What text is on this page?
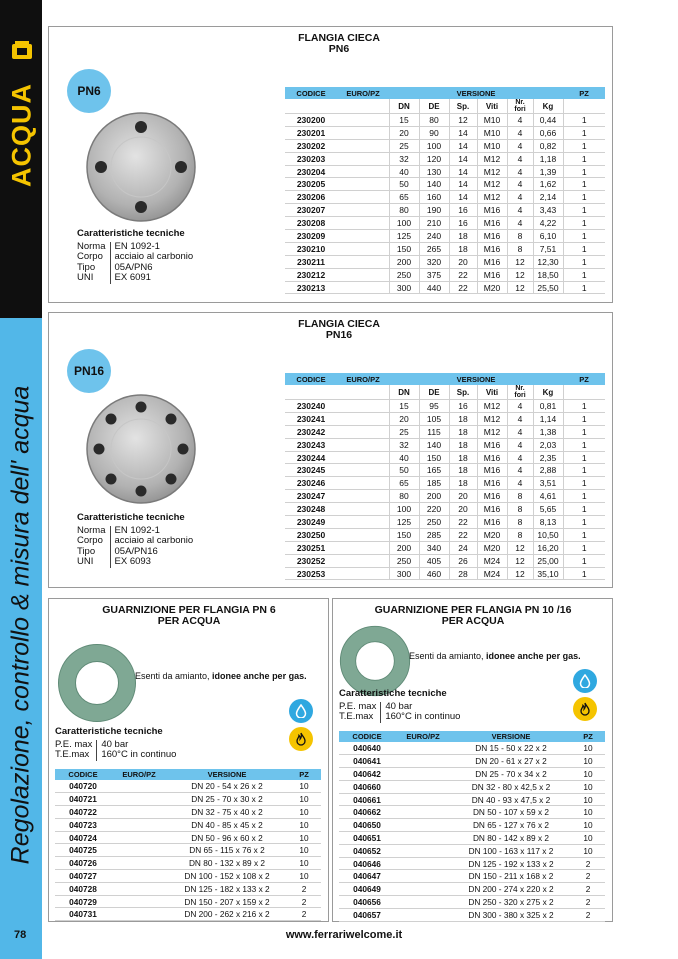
ACQUA
Regolazione, controllo & misura dell' acqua
78
FLANGIA CIECA
PN6
PN6
Caratteristiche tecniche
Norma	EN 1092-1
Corpo	acciaio al carbonio
Tipo	05A/PN6
UNI	EX 6091
CODICE	EURO/PZ	VERSIONE						PZ
		DN	DE	Sp.	Viti	Nr.
fori	Kg	
230200		15	80	12	M10	4	0,44	1
230201		20	90	14	M10	4	0,66	1
230202		25	100	14	M10	4	0,82	1
230203		32	120	14	M12	4	1,18	1
230204		40	130	14	M12	4	1,39	1
230205		50	140	14	M12	4	1,62	1
230206		65	160	14	M12	4	2,14	1
230207		80	190	16	M16	4	3,43	1
230208		100	210	16	M16	4	4,22	1
230209		125	240	18	M16	8	6,10	1
230210		150	265	18	M16	8	7,51	1
230211		200	320	20	M16	12	12,30	1
230212		250	375	22	M16	12	18,50	1
230213		300	440	22	M20	12	25,50	1
FLANGIA CIECA
PN16
PN16
Caratteristiche tecniche
Norma	EN 1092-1
Corpo	acciaio al carbonio
Tipo	05A/PN16
UNI	EX 6093
CODICE	EURO/PZ	VERSIONE						PZ
		DN	DE	Sp.	Viti	Nr.
fori	Kg	
230240		15	95	16	M12	4	0,81	1
230241		20	105	18	M12	4	1,14	1
230242		25	115	18	M12	4	1,38	1
230243		32	140	18	M16	4	2,03	1
230244		40	150	18	M16	4	2,35	1
230245		50	165	18	M16	4	2,88	1
230246		65	185	18	M16	4	3,51	1
230247		80	200	20	M16	8	4,61	1
230248		100	220	20	M16	8	5,65	1
230249		125	250	22	M16	8	8,13	1
230250		150	285	22	M20	8	10,50	1
230251		200	340	24	M20	12	16,20	1
230252		250	405	26	M24	12	25,00	1
230253		300	460	28	M24	12	35,10	1
GUARNIZIONE PER FLANGIA PN 6
PER ACQUA
Esenti da amianto, idonee anche per gas.
Caratteristiche tecniche
P.E. max	40 bar
T.E.max	160°C in continuo
CODICE	EURO/PZ	VERSIONE	PZ
040720		DN 20 - 54 x 26 x 2	10
040721		DN 25 - 70 x 30 x 2	10
040722		DN 32 - 75 x 40 x 2	10
040723		DN 40 - 85 x 45 x 2	10
040724		DN 50 - 96 x 60 x 2	10
040725		DN 65 - 115 x 76 x 2	10
040726		DN 80 - 132 x 89 x 2	10
040727		DN 100 - 152 x 108 x 2	10
040728		DN 125 - 182 x 133 x 2	2
040729		DN 150 - 207 x 159 x 2	2
040731		DN 200 - 262 x 216 x 2	2
GUARNIZIONE PER FLANGIA PN 10 /16
PER ACQUA
Esenti da amianto, idonee anche per gas.
Caratteristiche tecniche
P.E. max	40 bar
T.E.max	160°C in continuo
CODICE	EURO/PZ	VERSIONE	PZ
040640		DN 15 - 50 x 22 x 2	10
040641		DN 20 - 61 x 27 x 2	10
040642		DN 25 - 70 x 34 x 2	10
040660		DN 32 - 80 x 42,5 x 2	10
040661		DN 40 - 93 x 47,5 x 2	10
040662		DN 50 - 107 x 59 x 2	10
040650		DN 65 - 127 x 76 x 2	10
040651		DN 80 - 142 x 89 x 2	10
040652		DN 100 - 163 x 117 x 2	10
040646		DN 125 - 192 x 133 x 2	2
040647		DN 150 - 211 x 168 x 2	2
040649		DN 200 - 274 x 220 x 2	2
040656		DN 250 - 320 x 275 x 2	2
040657		DN 300 - 380 x 325 x 2	2
www.ferrariwelcome.it
